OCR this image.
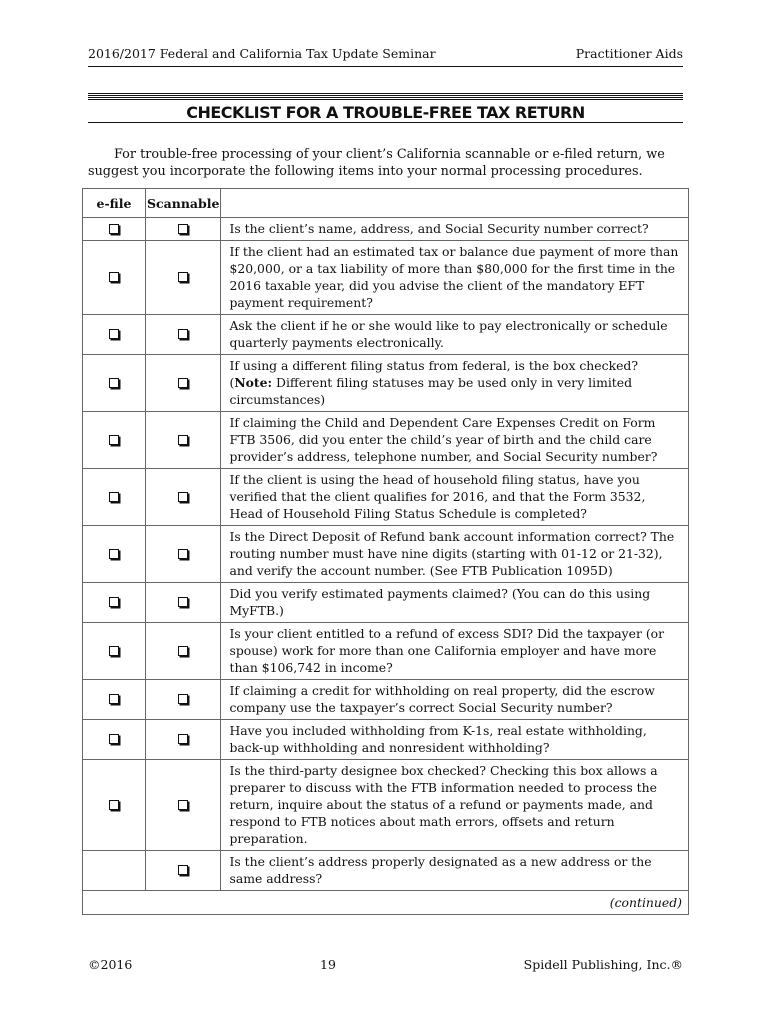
2016/2017 Federal and California Tax Update Seminar	Practitioner Aids
CHECKLIST FOR A TROUBLE-FREE TAX RETURN

For trouble-free processing of your client’s California scannable or e-filed return, we suggest you incorporate the following items into your normal processing procedures.

e-file	Scannable	
		Is the client’s name, address, and Social Security number correct?
		If the client had an estimated tax or balance due payment of more than $20,000, or a tax liability of more than $80,000 for the first time in the 2016 taxable year, did you advise the client of the mandatory EFT payment requirement?
		Ask the client if he or she would like to pay electronically or schedule quarterly payments electronically.
		If using a different filing status from federal, is the box checked? (Note: Different filing statuses may be used only in very limited circumstances)
		If claiming the Child and Dependent Care Expenses Credit on Form FTB 3506, did you enter the child’s year of birth and the child care provider’s address, telephone number, and Social Security number?
		If the client is using the head of household filing status, have you verified that the client qualifies for 2016, and that the Form 3532, Head of Household Filing Status Schedule is completed?
		Is the Direct Deposit of Refund bank account information correct? The routing number must have nine digits (starting with 01-12 or 21-32), and verify the account number. (See FTB Publication 1095D)
		Did you verify estimated payments claimed? (You can do this using MyFTB.)
		Is your client entitled to a refund of excess SDI? Did the taxpayer (or spouse) work for more than one California employer and have more than $106,742 in income?
		If claiming a credit for withholding on real property, did the escrow company use the taxpayer’s correct Social Security number?
		Have you included withholding from K-1s, real estate withholding, back-up withholding and nonresident withholding?
		Is the third-party designee box checked? Checking this box allows a preparer to discuss with the FTB information needed to process the return, inquire about the status of a refund or payments made, and respond to FTB notices about math errors, offsets and return preparation.
		Is the client’s address properly designated as a new address or the same address?
(continued)		
©2016	19	Spidell Publishing, Inc.®
